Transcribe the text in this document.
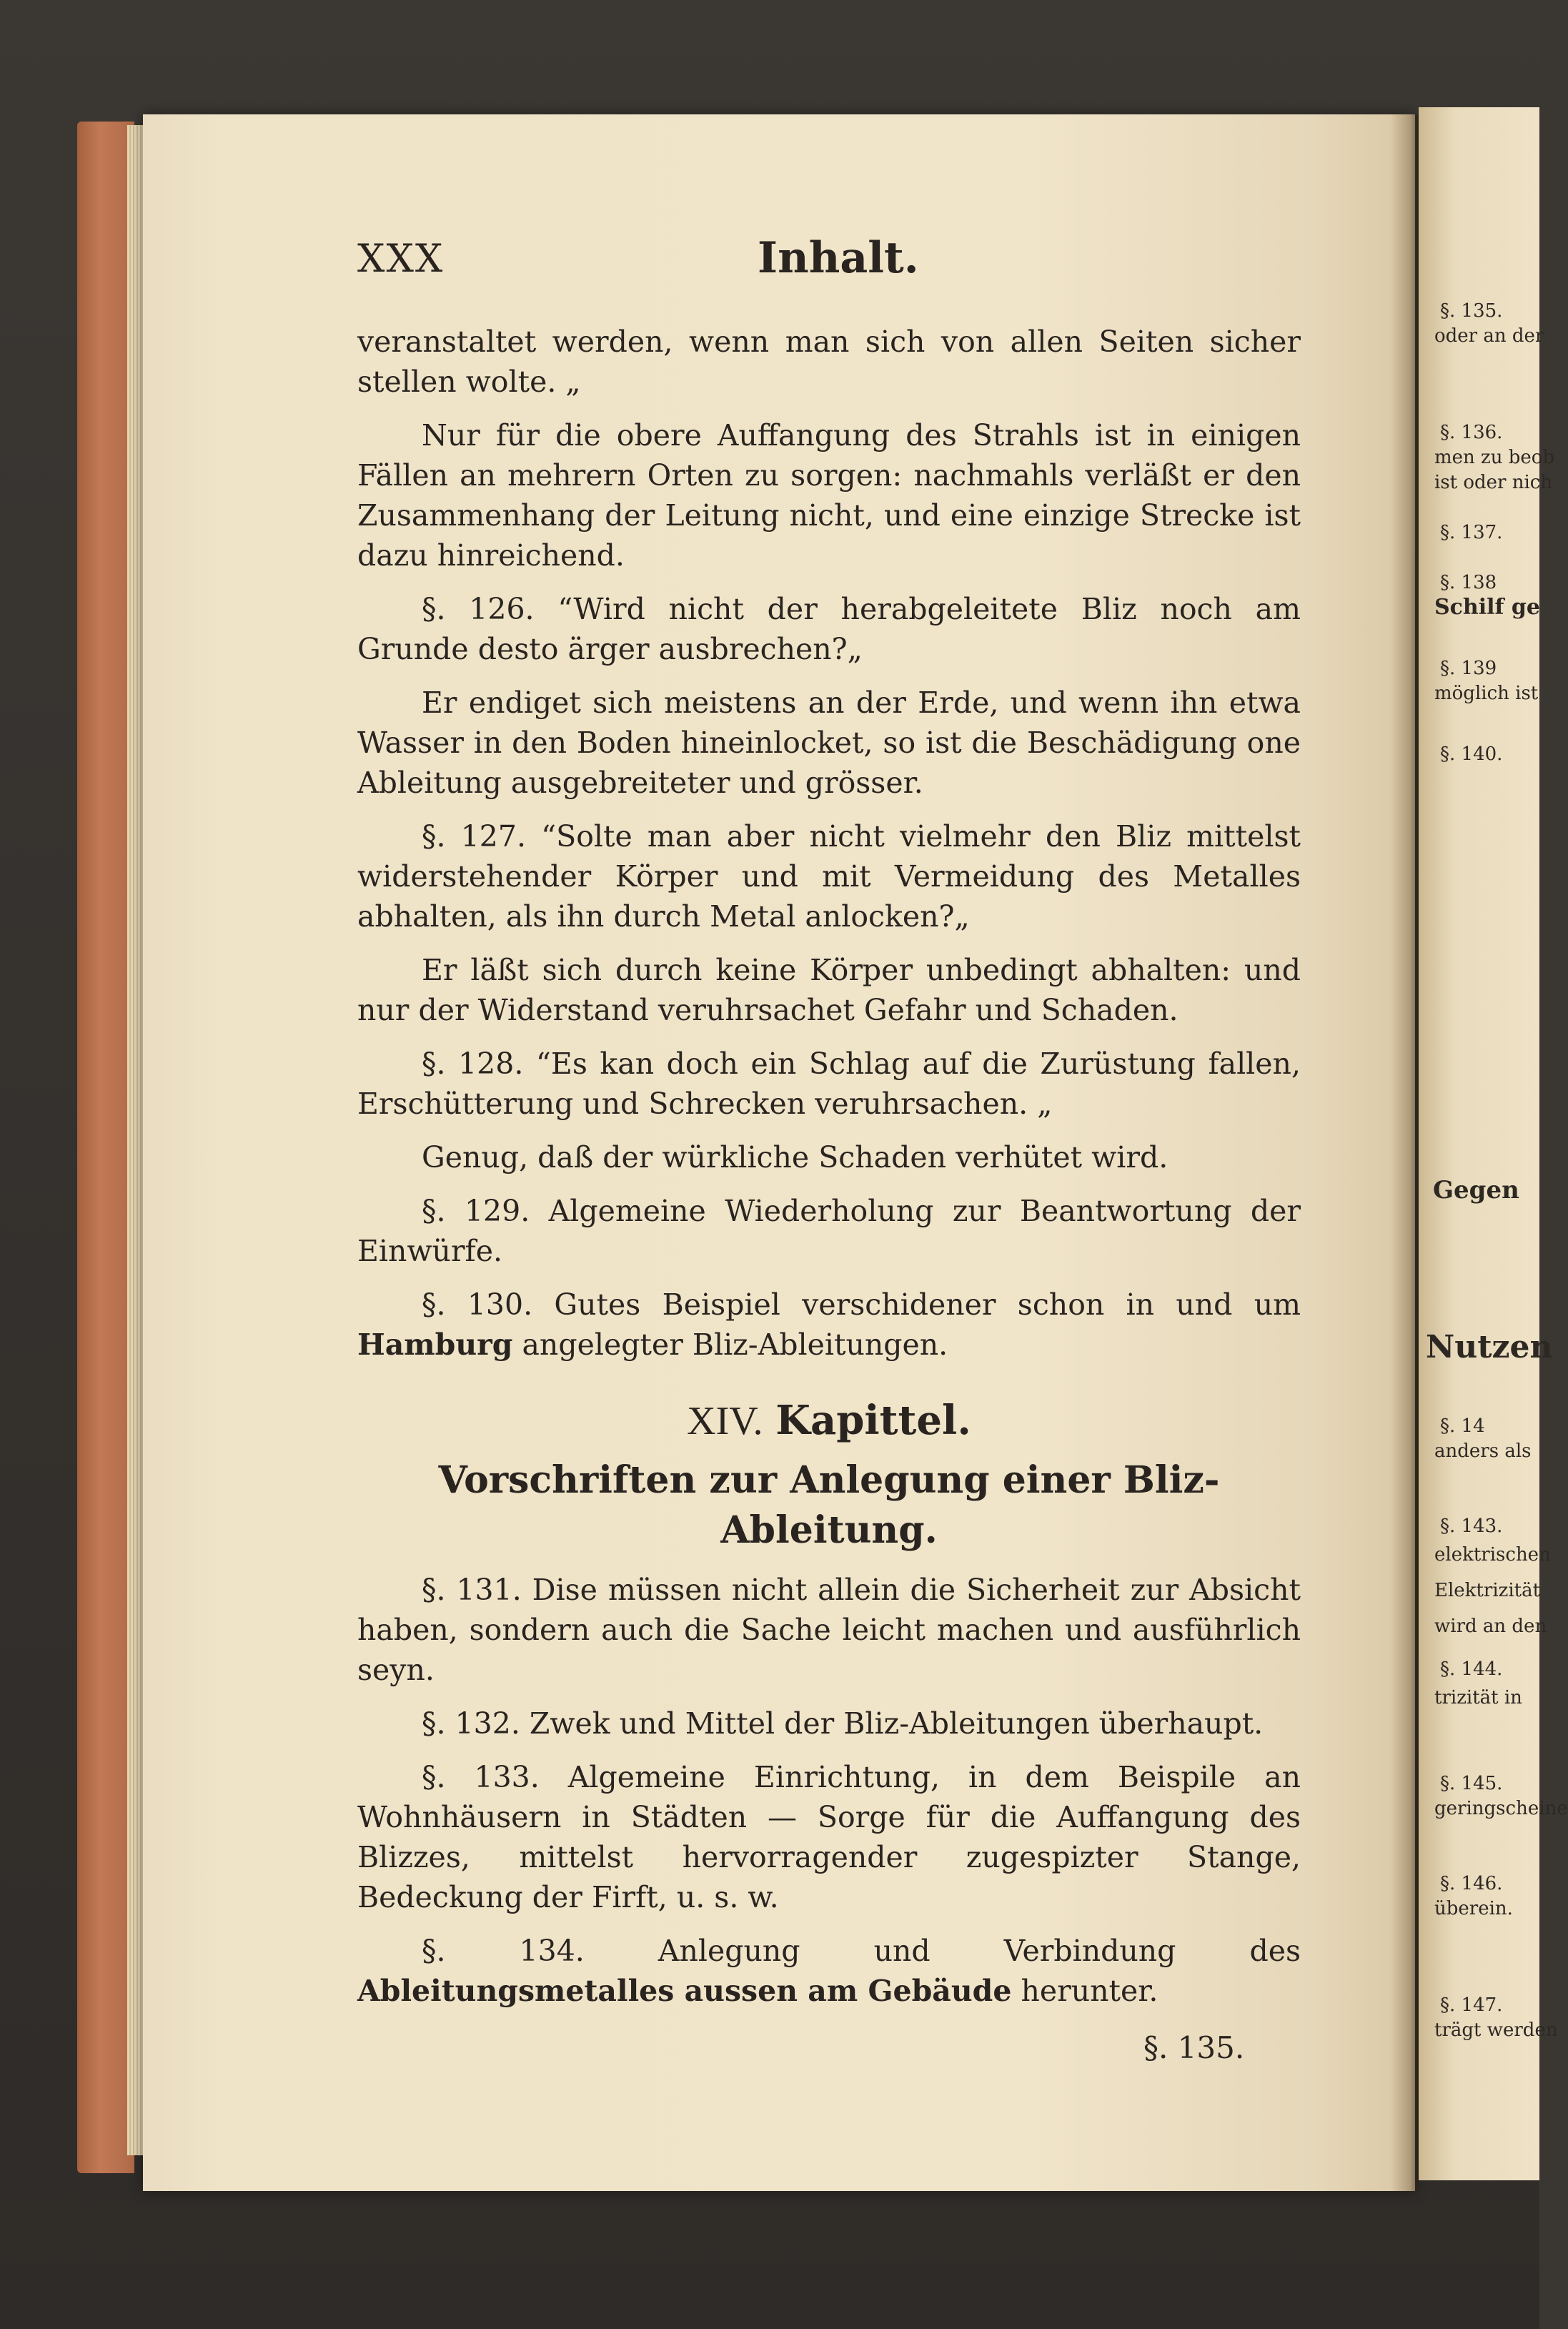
§. 135.
oder an der
§. 136.
men zu beob
ist oder nich
§. 137.
§. 138
Schilf ge
§. 139
möglich ist
§. 140.
Gegen
Nutzen
§. 14
anders als
§. 143.
elektrischen
Elektrizität
wird an den
§. 144.
trizität in
§. 145.
geringscheine
§. 146.
überein.
§. 147.
trägt werden
XXX	Inhalt.

veranstaltet werden, wenn man sich von allen Seiten sicher stellen wolte. „

Nur für die obere Auffangung des Strahls ist in einigen Fällen an mehrern Orten zu sorgen: nachmahls verläßt er den Zusammenhang der Leitung nicht, und eine einzige Strecke ist dazu hinreichend.

§. 126. “Wird nicht der herabgeleitete Bliz noch am Grunde desto ärger ausbrechen?„

Er endiget sich meistens an der Erde, und wenn ihn etwa Wasser in den Boden hineinlocket, so ist die Beschädigung one Ableitung ausgebreiteter und grösser.

§. 127. “Solte man aber nicht vielmehr den Bliz mittelst widerstehender Körper und mit Vermeidung des Metalles abhalten, als ihn durch Metal anlocken?„

Er läßt sich durch keine Körper unbedingt abhalten: und nur der Widerstand veruhrsachet Gefahr und Schaden.

§. 128. “Es kan doch ein Schlag auf die Zurüstung fallen, Erschütterung und Schrecken veruhrsachen. „

Genug, daß der würkliche Schaden verhütet wird.

§. 129. Algemeine Wiederholung zur Beantwortung der Einwürfe.

§. 130. Gutes Beispiel verschidener schon in und um Hamburg angelegter Bliz-Ableitungen.

XIV. Kapittel.

Vorschriften zur Anlegung einer Bliz-Ableitung.

§. 131. Dise müssen nicht allein die Sicherheit zur Absicht haben, sondern auch die Sache leicht machen und ausführlich seyn.

§. 132. Zwek und Mittel der Bliz-Ableitungen überhaupt.

§. 133. Algemeine Einrichtung, in dem Beispile an Wohnhäusern in Städten — Sorge für die Auffangung des Blizzes, mittelst hervorragender zugespizter Stange, Bedeckung der Firft, u. s. w.

§. 134. Anlegung und Verbindung des Ableitungsmetalles aussen am Gebäude herunter.

§. 135.
